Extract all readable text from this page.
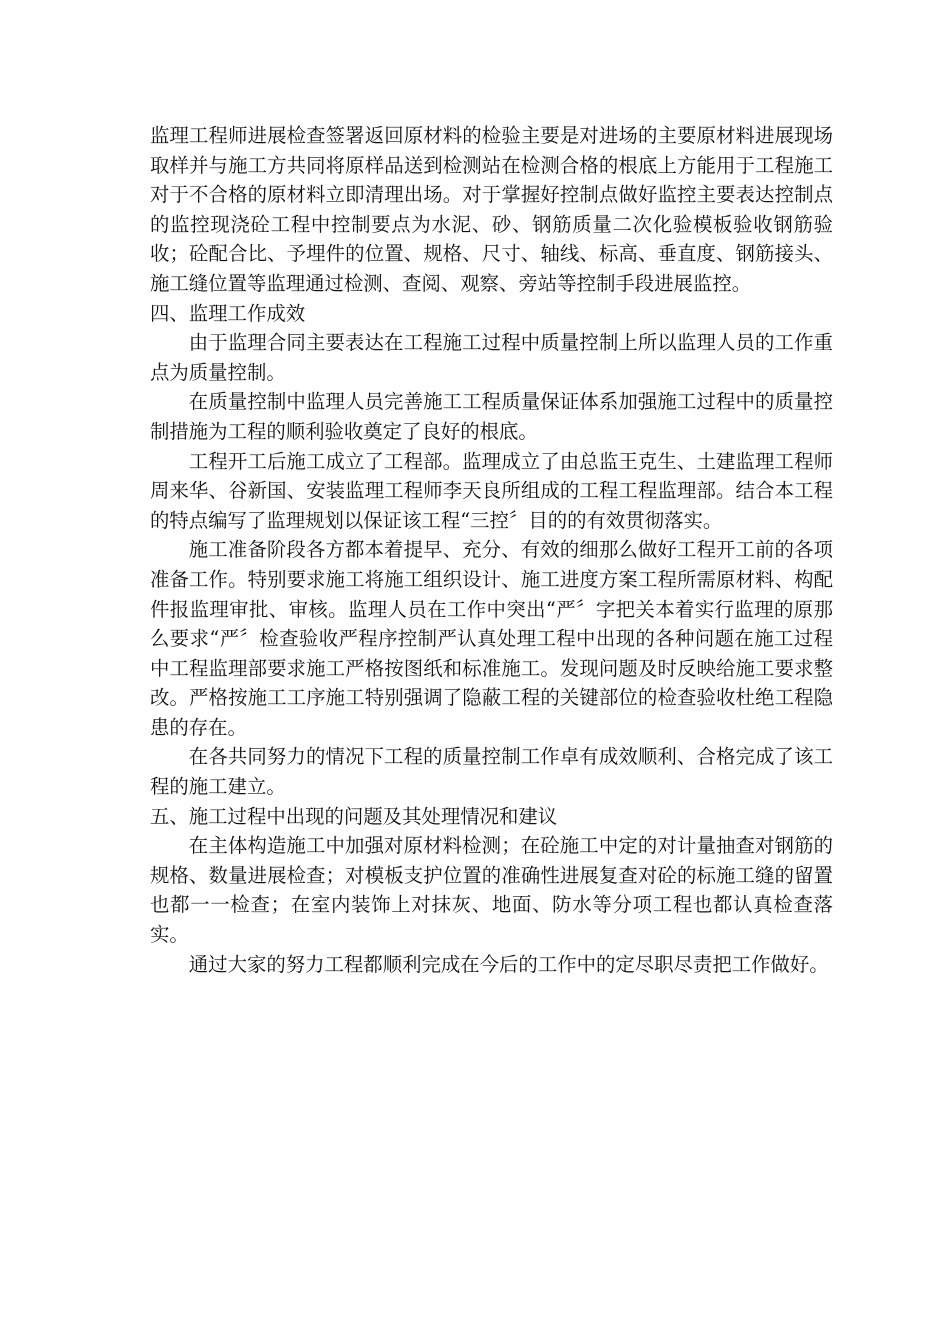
监理工程师进展检查签署返回原材料的检验主要是对进场的主要原材料进展现场取样并与施工方共同将原样品送到检测站在检测合格的根底上方能用于工程施工对于不合格的原材料立即清理出场。对于掌握好控制点做好监控主要表达控制点的监控现浇砼工程中控制要点为水泥、砂、钢筋质量二次化验模板验收钢筋验收；砼配合比、予埋件的位置、规格、尺寸、轴线、标高、垂直度、钢筋接头、施工缝位置等监理通过检测、查阅、观察、旁站等控制手段进展监控。

四、监理工作成效

由于监理合同主要表达在工程施工过程中质量控制上所以监理人员的工作重点为质量控制。

在质量控制中监理人员完善施工工程质量保证体系加强施工过程中的质量控制措施为工程的顺利验收奠定了良好的根底。

工程开工后施工成立了工程部。监理成立了由总监王克生、土建监理工程师周来华、谷新国、安装监理工程师李天良所组成的工程工程监理部。结合本工程的特点编写了监理规划以保证该工程“三控〞目的的有效贯彻落实。

施工准备阶段各方都本着提早、充分、有效的细那么做好工程开工前的各项准备工作。特别要求施工将施工组织设计、施工进度方案工程所需原材料、构配件报监理审批、审核。监理人员在工作中突出“严〞字把关本着实行监理的原那么要求“严〞检查验收严程序控制严认真处理工程中出现的各种问题在施工过程中工程监理部要求施工严格按图纸和标准施工。发现问题及时反映给施工要求整改。严格按施工工序施工特别强调了隐蔽工程的关键部位的检查验收杜绝工程隐患的存在。

在各共同努力的情况下工程的质量控制工作卓有成效顺利、合格完成了该工程的施工建立。

五、施工过程中出现的问题及其处理情况和建议

在主体构造施工中加强对原材料检测；在砼施工中定的对计量抽查对钢筋的规格、数量进展检查；对模板支护位置的准确性进展复查对砼的标施工缝的留置也都一一检查；在室内装饰上对抹灰、地面、防水等分项工程也都认真检查落实。

通过大家的努力工程都顺利完成在今后的工作中的定尽职尽责把工作做好。
